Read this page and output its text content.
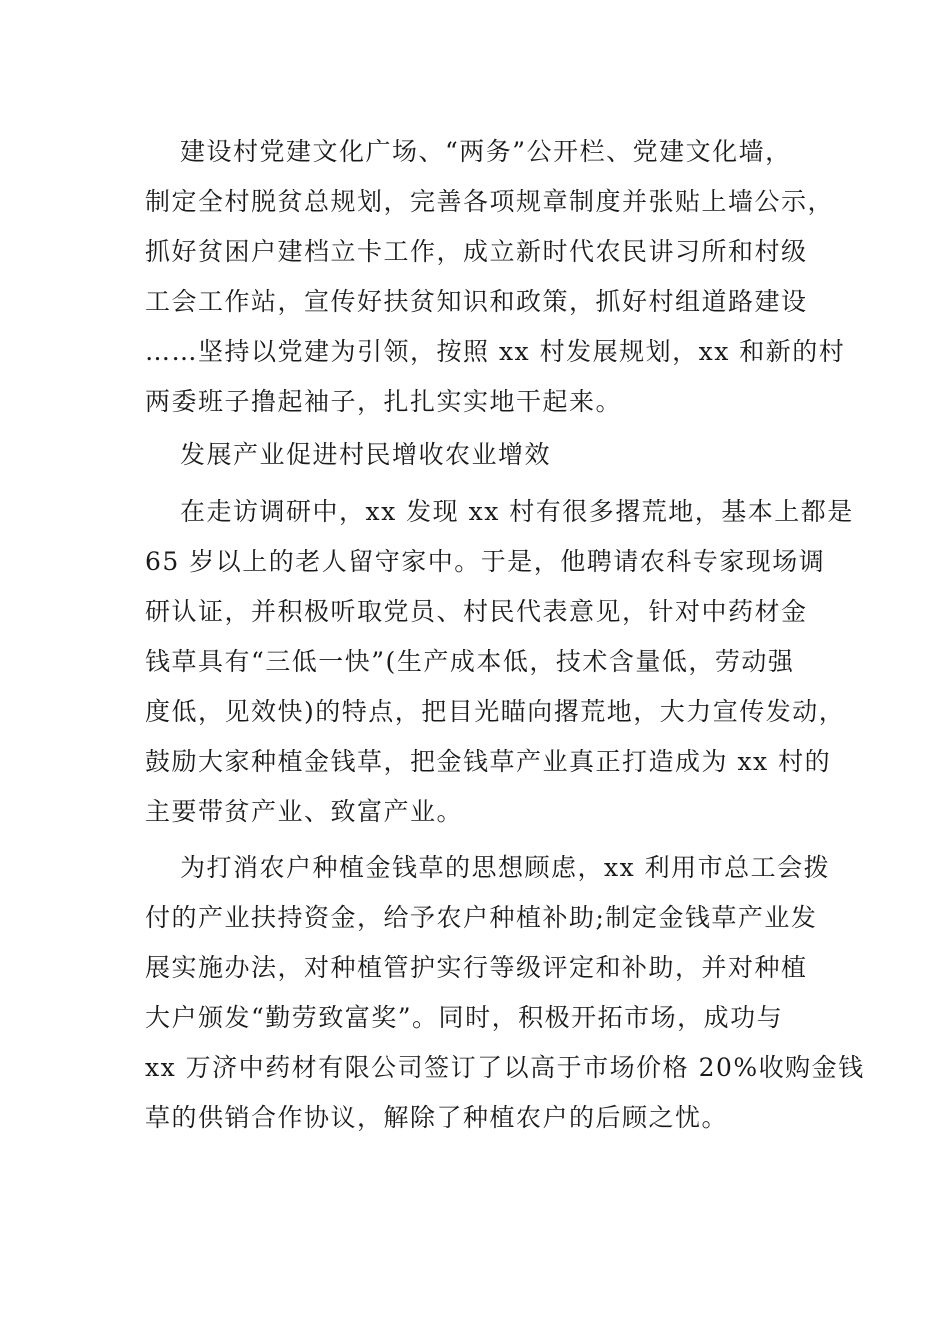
建设村党建文化广场、“两务”公开栏、党建文化墙，
制定全村脱贫总规划，完善各项规章制度并张贴上墙公示，
抓好贫困户建档立卡工作，成立新时代农民讲习所和村级
工会工作站，宣传好扶贫知识和政策，抓好村组道路建设
……坚持以党建为引领，按照 xx 村发展规划，xx 和新的村
两委班子撸起袖子，扎扎实实地干起来。
发展产业促进村民增收农业增效
在走访调研中，xx 发现 xx 村有很多撂荒地，基本上都是
65 岁以上的老人留守家中。于是，他聘请农科专家现场调
研认证，并积极听取党员、村民代表意见，针对中药材金
钱草具有“三低一快”(生产成本低，技术含量低，劳动强
度低，见效快)的特点，把目光瞄向撂荒地，大力宣传发动，
鼓励大家种植金钱草，把金钱草产业真正打造成为 xx 村的
主要带贫产业、致富产业。
为打消农户种植金钱草的思想顾虑，xx 利用市总工会拨
付的产业扶持资金，给予农户种植补助;制定金钱草产业发
展实施办法，对种植管护实行等级评定和补助，并对种植
大户颁发“勤劳致富奖”。同时，积极开拓市场，成功与
xx 万济中药材有限公司签订了以高于市场价格 20%收购金钱
草的供销合作协议，解除了种植农户的后顾之忧。
